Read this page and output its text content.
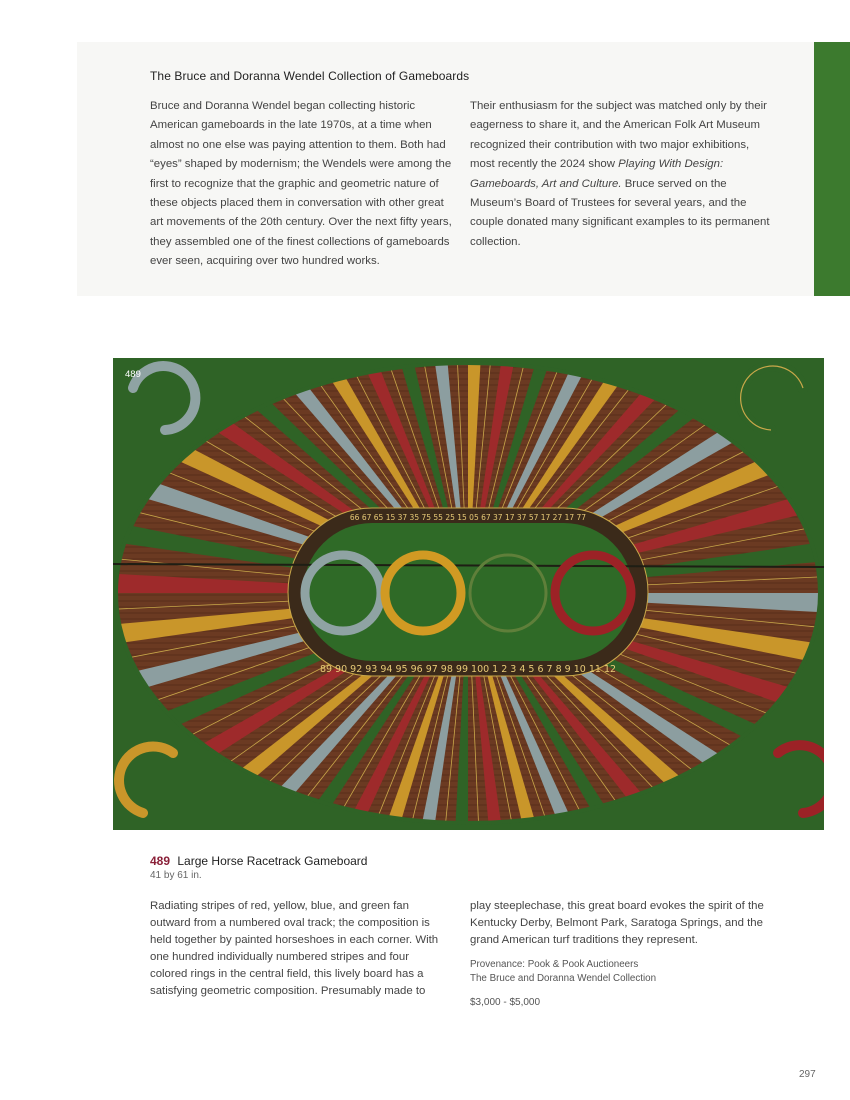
The Bruce and Doranna Wendel Collection of Gameboards

Bruce and Doranna Wendel began collecting historic American gameboards in the late 1970s, at a time when almost no one else was paying attention to them. Both had “eyes” shaped by modernism; the Wendels were among the first to recognize that the graphic and geometric nature of these objects placed them in conversation with other great art movements of the 20th century. Over the next fifty years, they assembled one of the finest collections of gameboards ever seen, acquiring over two hundred works.

Their enthusiasm for the subject was matched only by their eagerness to share it, and the American Folk Art Museum recognized their contribution with two major exhibitions, most recently the 2024 show Playing With Design: Gameboards, Art and Culture. Bruce served on the Museum’s Board of Trustees for several years, and the couple donated many significant examples to its permanent collection.

66 67 65 15 37 35 75 55 25 15 05 67 37 17 37 57 17 27 17 77
89 90 92 93 94 95 96 97 98 99 100 1 2 3 4 5 6 7 8 9 10 11 12
489
489 Large Horse Racetrack Gameboard
41 by 61 in.

Radiating stripes of red, yellow, blue, and green fan outward from a numbered oval track; the composition is held together by painted horseshoes in each corner. With one hundred individually numbered stripes and four colored rings in the central field, this lively board has a satisfying geometric composition. Presumably made to

play steeplechase, this great board evokes the spirit of the Kentucky Derby, Belmont Park, Saratoga Springs, and the grand American turf traditions they represent.

Provenance: Pook & Pook Auctioneers
The Bruce and Doranna Wendel Collection
$3,000 - $5,000
297
